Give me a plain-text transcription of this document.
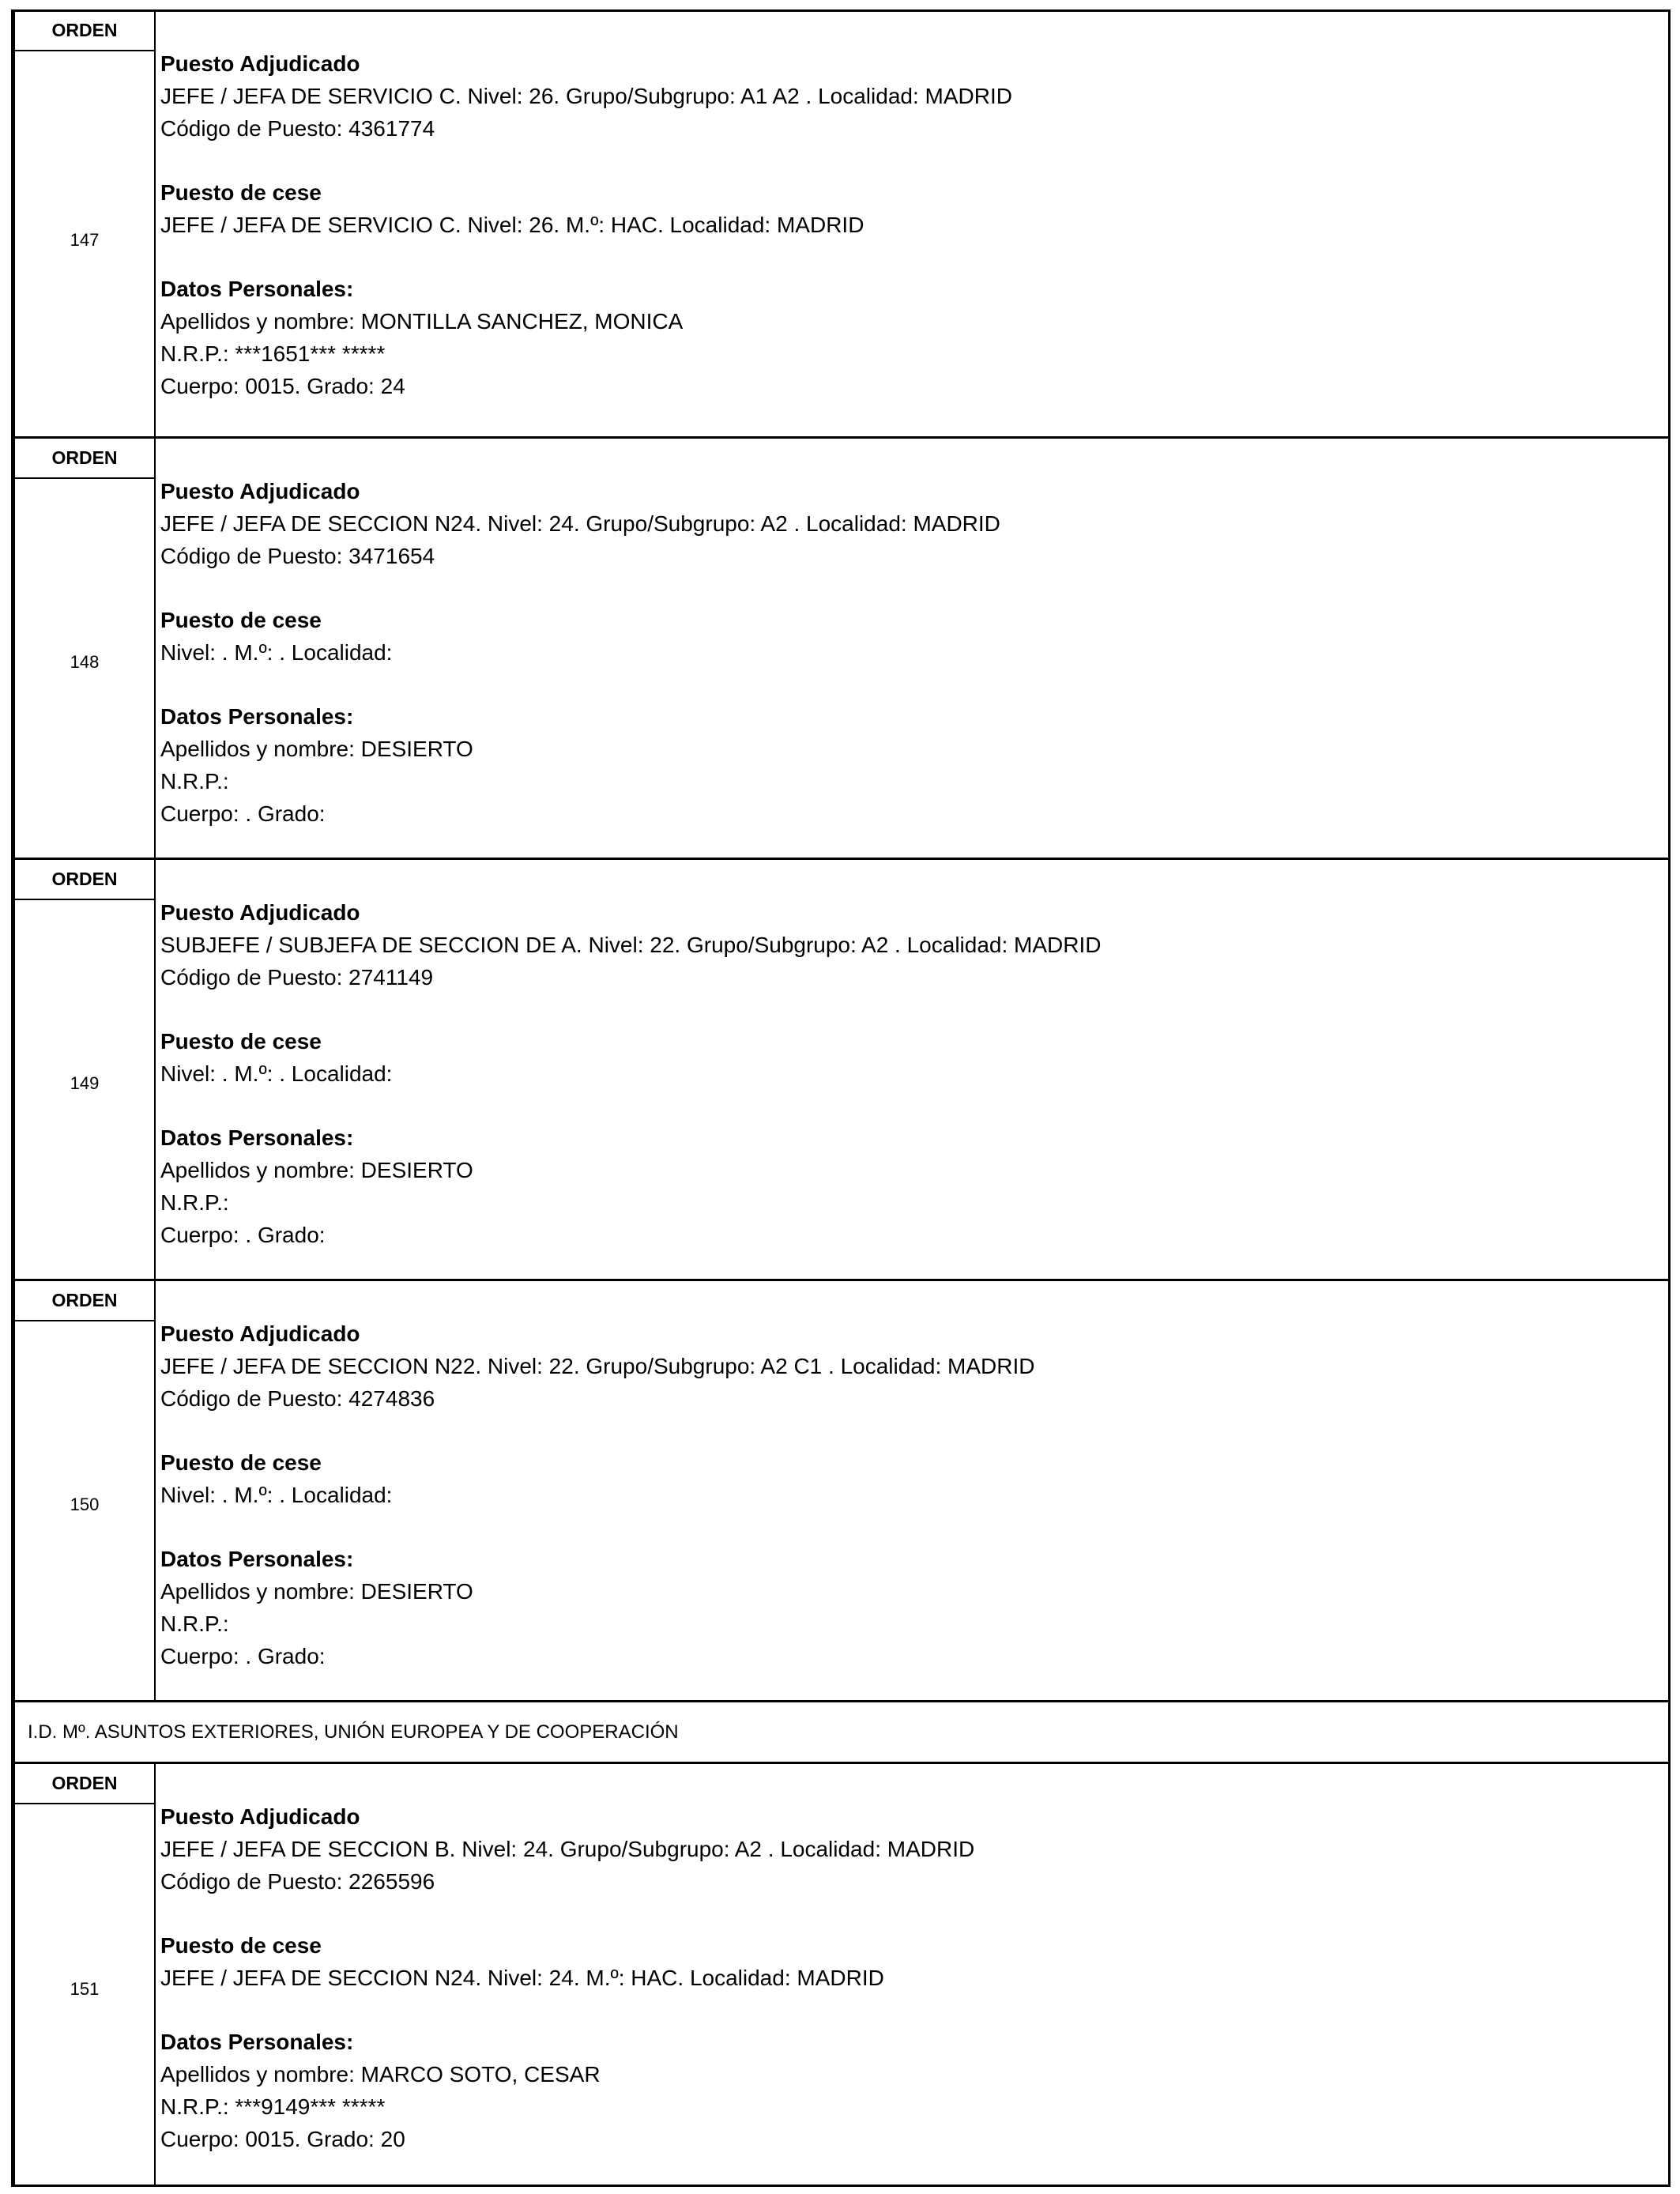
ORDEN
147
Puesto Adjudicado
JEFE / JEFA DE SERVICIO C. Nivel: 26. Grupo/Subgrupo: A1 A2 . Localidad: MADRID
Código de Puesto: 4361774
Puesto de cese
JEFE / JEFA DE SERVICIO C. Nivel: 26. M.º: HAC. Localidad: MADRID
Datos Personales:
Apellidos y nombre: MONTILLA SANCHEZ, MONICA
N.R.P.: ***1651*** *****
Cuerpo: 0015. Grado: 24
ORDEN
148
Puesto Adjudicado
JEFE / JEFA DE SECCION N24. Nivel: 24. Grupo/Subgrupo: A2 . Localidad: MADRID
Código de Puesto: 3471654
Puesto de cese
Nivel: . M.º: . Localidad:
Datos Personales:
Apellidos y nombre: DESIERTO
N.R.P.:
Cuerpo: . Grado:
ORDEN
149
Puesto Adjudicado
SUBJEFE / SUBJEFA DE SECCION DE A. Nivel: 22. Grupo/Subgrupo: A2 . Localidad: MADRID
Código de Puesto: 2741149
Puesto de cese
Nivel: . M.º: . Localidad:
Datos Personales:
Apellidos y nombre: DESIERTO
N.R.P.:
Cuerpo: . Grado:
ORDEN
150
Puesto Adjudicado
JEFE / JEFA DE SECCION N22. Nivel: 22. Grupo/Subgrupo: A2 C1 . Localidad: MADRID
Código de Puesto: 4274836
Puesto de cese
Nivel: . M.º: . Localidad:
Datos Personales:
Apellidos y nombre: DESIERTO
N.R.P.:
Cuerpo: . Grado:
I.D. Mº. ASUNTOS EXTERIORES, UNIÓN EUROPEA Y DE COOPERACIÓN
ORDEN
151
Puesto Adjudicado
JEFE / JEFA DE SECCION B. Nivel: 24. Grupo/Subgrupo: A2 . Localidad: MADRID
Código de Puesto: 2265596
Puesto de cese
JEFE / JEFA DE SECCION N24. Nivel: 24. M.º: HAC. Localidad: MADRID
Datos Personales:
Apellidos y nombre: MARCO SOTO, CESAR
N.R.P.: ***9149*** *****
Cuerpo: 0015. Grado: 20
